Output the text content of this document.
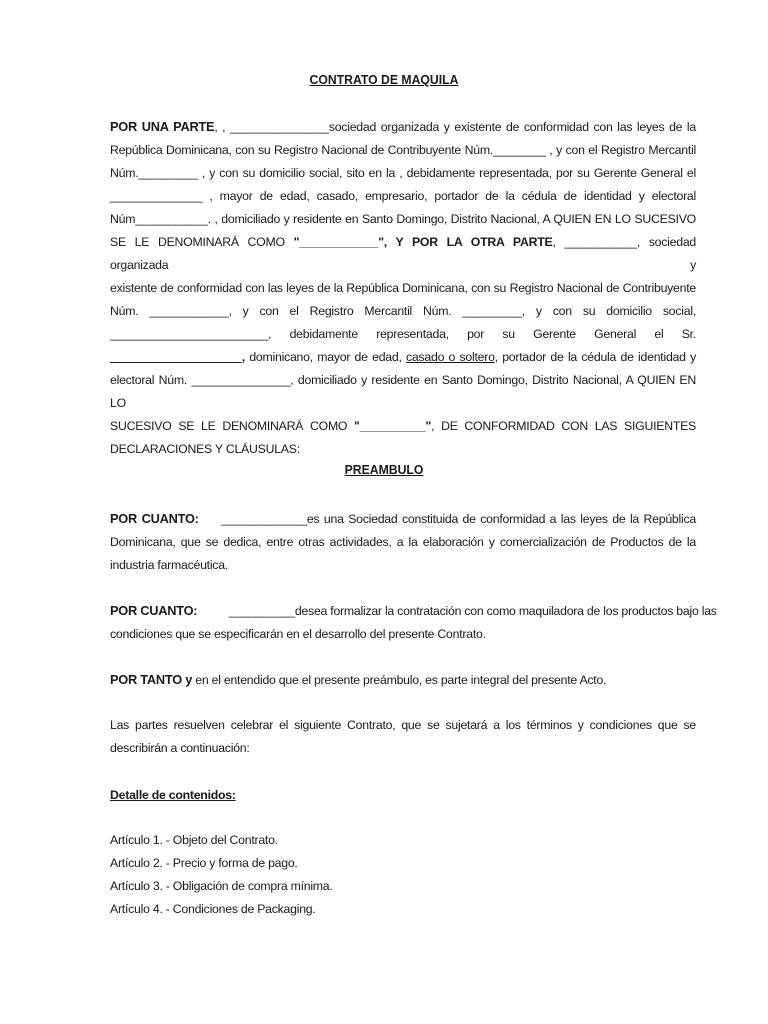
CONTRATO DE MAQUILA
POR UNA PARTE, , _______________sociedad organizada y existente de conformidad con las leyes de la
República Dominicana, con su Registro Nacional de Contribuyente Núm.________ , y con el Registro Mercantil
Núm._________ , y con su domicilio social, sito en la , debidamente representada, por su Gerente General el
______________ , mayor de edad, casado, empresario, portador de la cédula de identidad y electoral
Núm___________. , domiciliado y residente en Santo Domingo, Distrito Nacional, A QUIEN EN LO SUCESIVO
SE LE DENOMINARÁ COMO "____________", Y POR LA OTRA PARTE, ___________, sociedad organizada y
existente de conformidad con las leyes de la República Dominicana, con su Registro Nacional de Contribuyente
Núm. ____________, y con el Registro Mercantil Núm. _________, y con su domicilio social,
________________________, debidamente representada, por su Gerente General el Sr.
____________________, dominicano, mayor de edad, casado o soltero, portador de la cédula de identidad y
electoral Núm. _______________, domiciliado y residente en Santo Domingo, Distrito Nacional, A QUIEN EN LO
SUCESIVO SE LE DENOMINARÁ COMO "__________", DE CONFORMIDAD CON LAS SIGUIENTES
DECLARACIONES Y CLÁUSULAS:
PREAMBULO
POR CUANTO: _____________es una Sociedad constituida de conformidad a las leyes de la República
Dominicana, que se dedica, entre otras actividades, a la elaboración y comercialización de Productos de la
industria farmacéutica.
POR CUANTO:	__________desea formalizar la contratación con como maquiladora de los productos bajo las
condiciones que se especificarán en el desarrollo del presente Contrato.
POR TANTO y en el entendido que el presente preámbulo, es parte integral del presente Acto.
Las partes resuelven celebrar el siguiente Contrato, que se sujetará a los términos y condiciones que se
describirán a continuación:
Detalle de contenidos:
Artículo 1. - Objeto del Contrato.
Artículo 2. - Precio y forma de pago.
Artículo 3. - Obligación de compra mínima.
Artículo 4. - Condiciones de Packaging.
